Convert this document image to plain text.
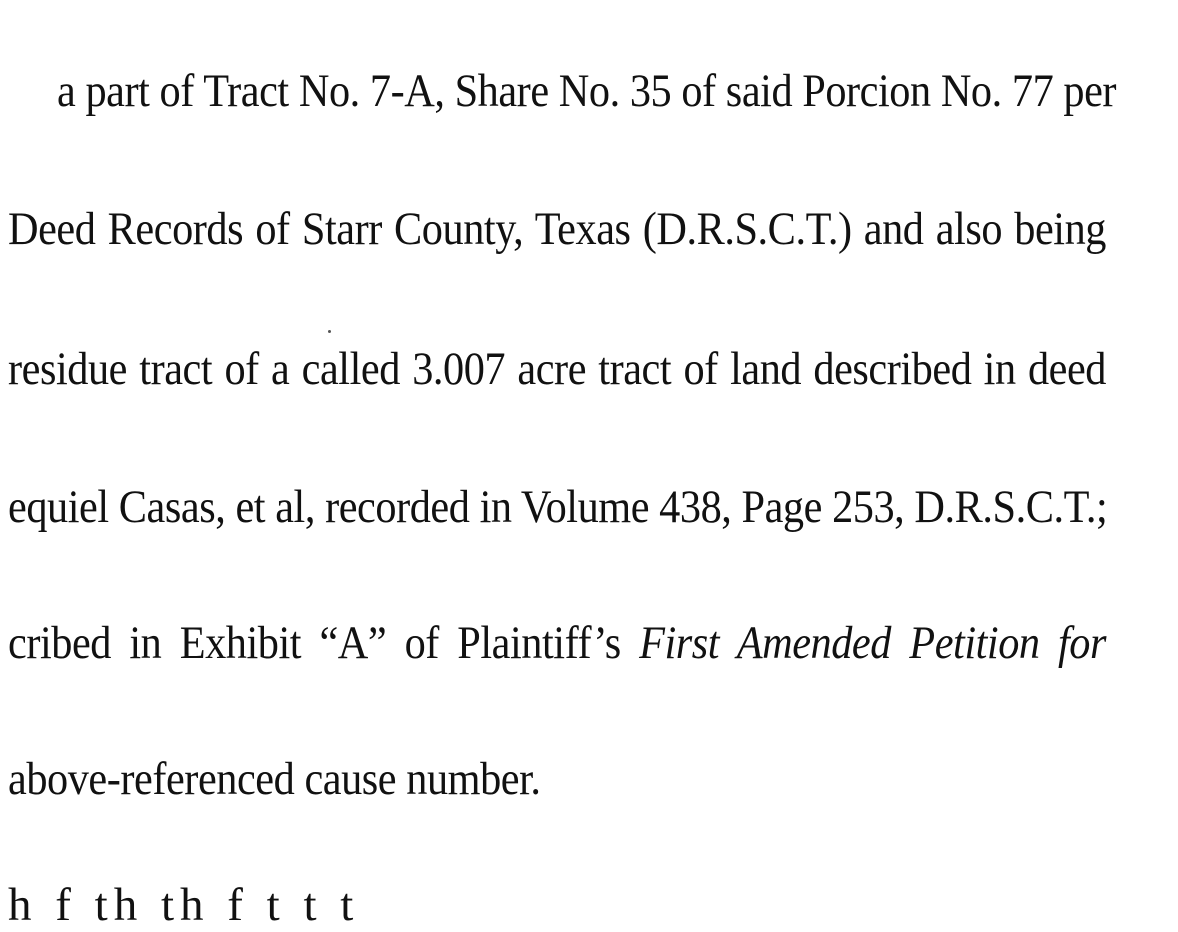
a part of Tract No. 7-A, Share No. 35 of said Porcion No. 77 per
Deed Records of Starr County, Texas (D.R.S.C.T.) and also being
residue tract of a called 3.007 acre tract of land described in deed
equiel Casas, et al, recorded in Volume 438, Page 253, D.R.S.C.T.;
cribed in Exhibit “A” of Plaintiff’s First Amended Petition for
above-referenced cause number.
h f th th f t t t
